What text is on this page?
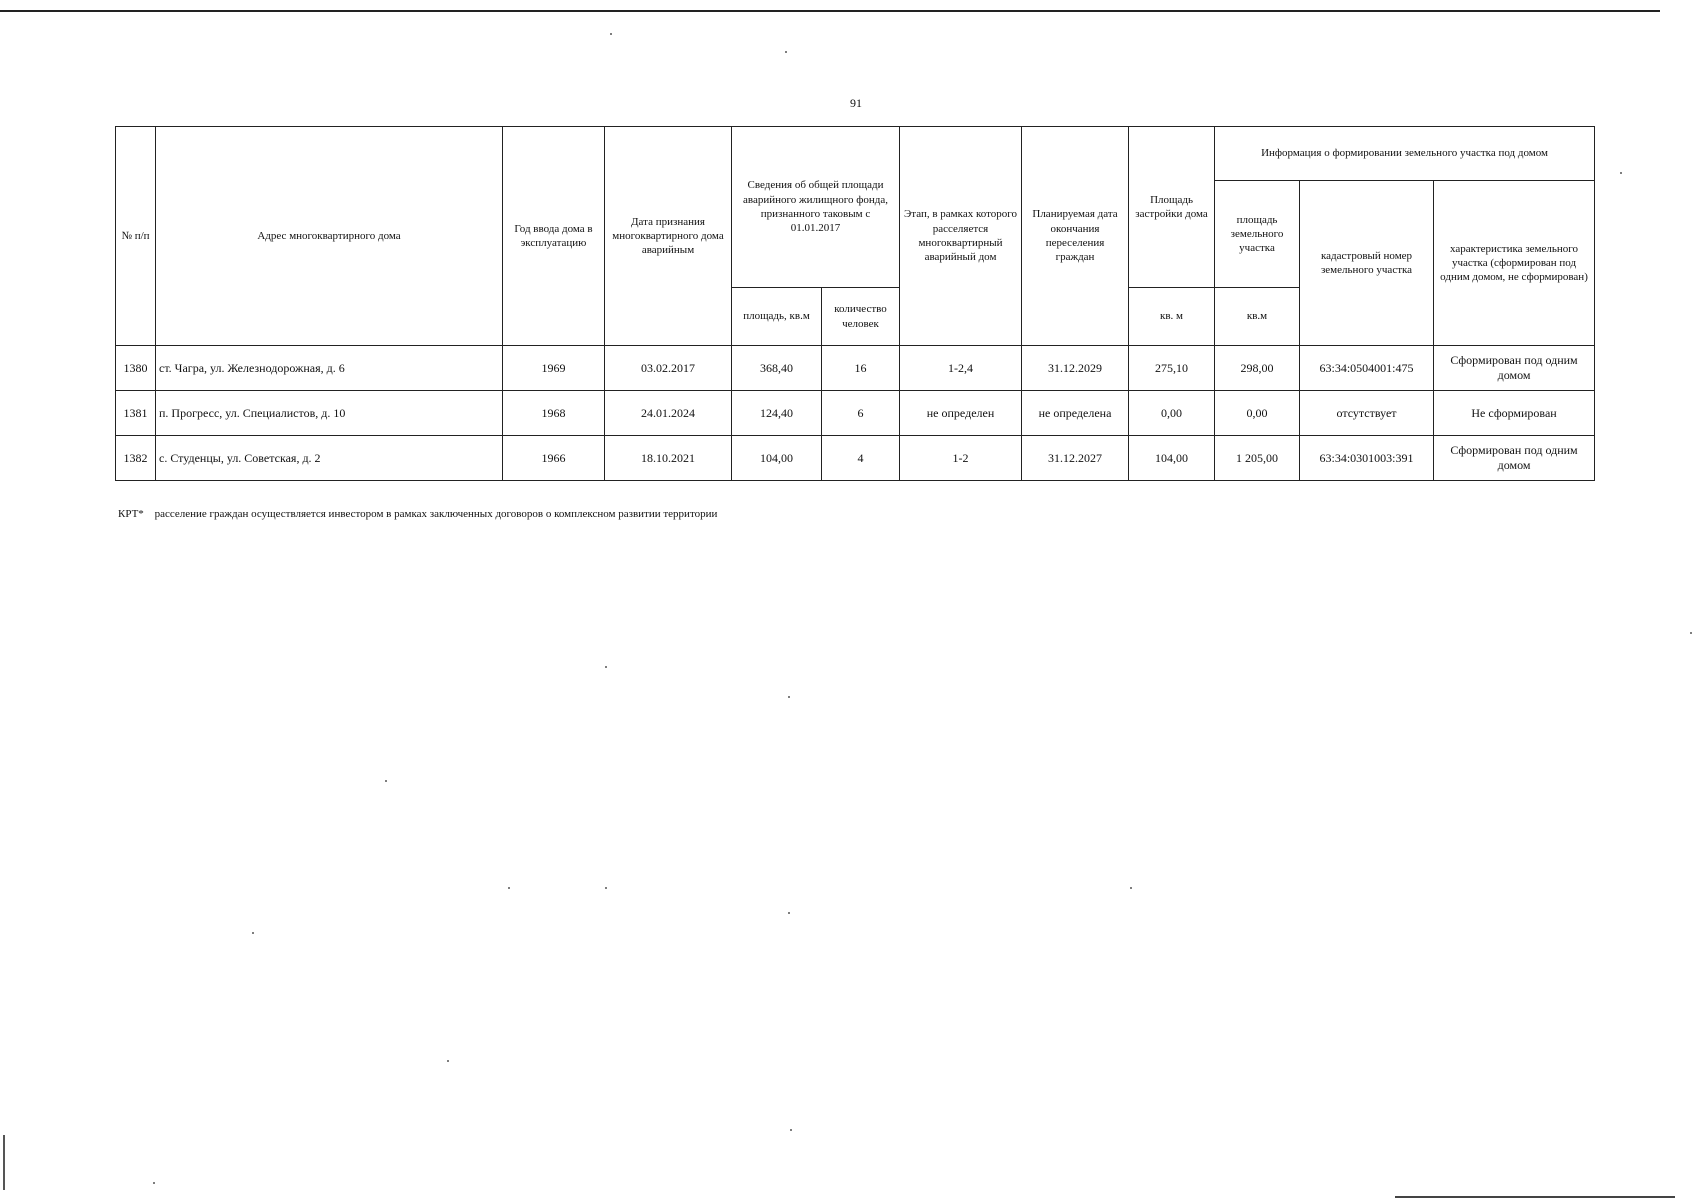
91
№ п/п	Адрес многоквартирного дома	Год ввода дома в эксплуатацию	Дата признания многоквартирного дома аварийным	Сведения об общей площади аварийного жилищного фонда, признанного таковым с 01.01.2017		Этап, в рамках которого расселяется многоквартирный аварийный дом	Планируемая дата окончания переселения граждан	Площадь застройки дома	Информация о формировании земельного участка под домом		
									площадь земельного участка	кадастровый номер земельного участка	характеристика земельного участка (сформирован под одним домом, не сформирован)
				площадь, кв.м	количество человек			кв. м	кв.м		
1380	ст. Чагра, ул. Железнодорожная, д. 6	1969	03.02.2017	368,40	16	1-2,4	31.12.2029	275,10	298,00	63:34:0504001:475	Сформирован под одним домом
1381	п. Прогресс, ул. Специалистов, д. 10	1968	24.01.2024	124,40	6	не определен	не определена	0,00	0,00	отсутствует	Не сформирован
1382	с. Студенцы, ул. Советская, д. 2	1966	18.10.2021	104,00	4	1-2	31.12.2027	104,00	1 205,00	63:34:0301003:391	Сформирован под одним домом
КРТ* расселение граждан осуществляется инвестором в рамках заключенных договоров о комплексном развитии территории
